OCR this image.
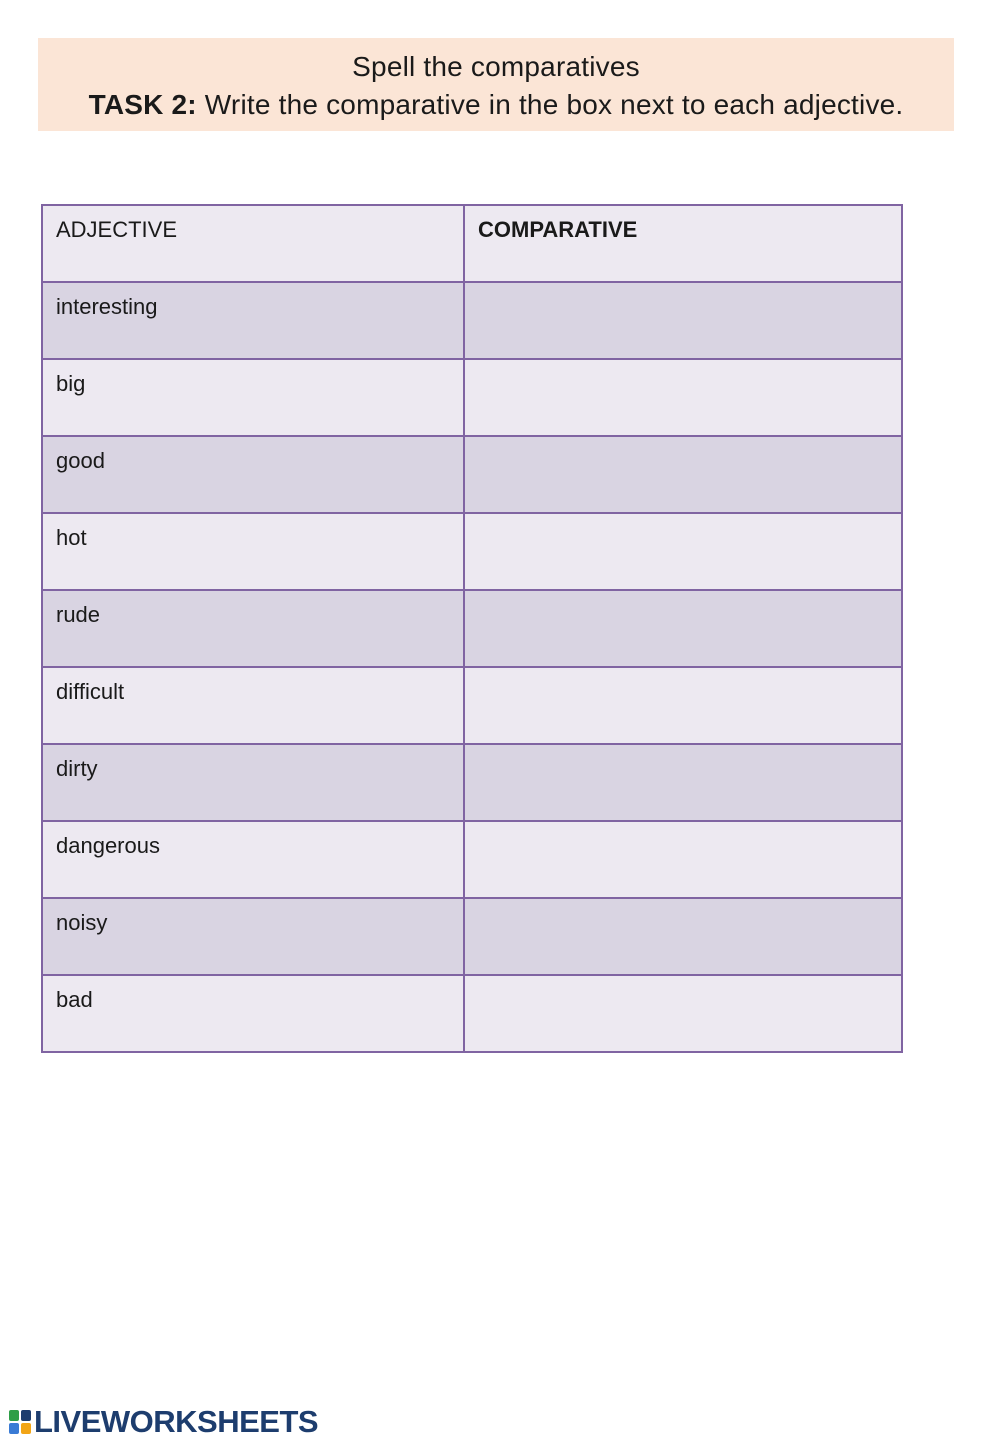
Spell the comparatives
TASK 2: Write the comparative in the box next to each adjective.
ADJECTIVE	COMPARATIVE
interesting	

big	

good	

hot	

rude	

difficult	

dirty	

dangerous	

noisy	

bad	
LIVEWORKSHEETS
